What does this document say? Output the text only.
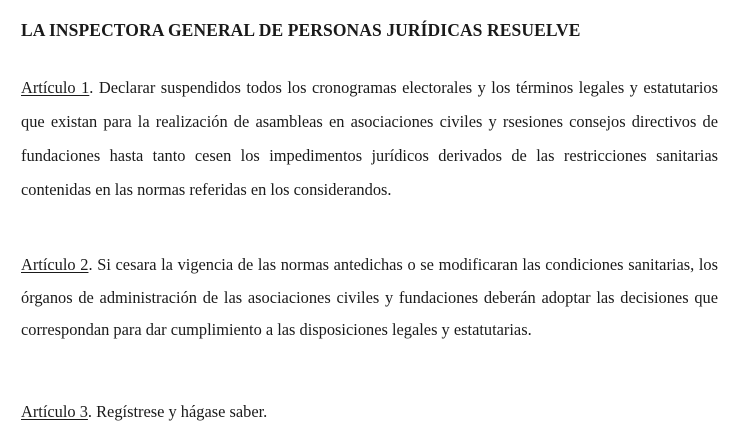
LA INSPECTORA GENERAL DE PERSONAS JURÍDICAS RESUELVE

Artículo 1. Declarar suspendidos todos los cronogramas electorales y los términos legales y estatutarios que existan para la realización de asambleas en asociaciones civiles y rsesiones consejos directivos de fundaciones hasta tanto cesen los impedimentos jurídicos derivados de las restricciones sanitarias contenidas en las normas referidas en los considerandos.

Artículo 2. Si cesara la vigencia de las normas antedichas o se modificaran las condiciones sanitarias, los órganos de administración de las asociaciones civiles y fundaciones deberán adoptar las decisiones que correspondan para dar cumplimiento a las disposiciones legales y estatutarias.

Artículo 3. Regístrese y hágase saber.
